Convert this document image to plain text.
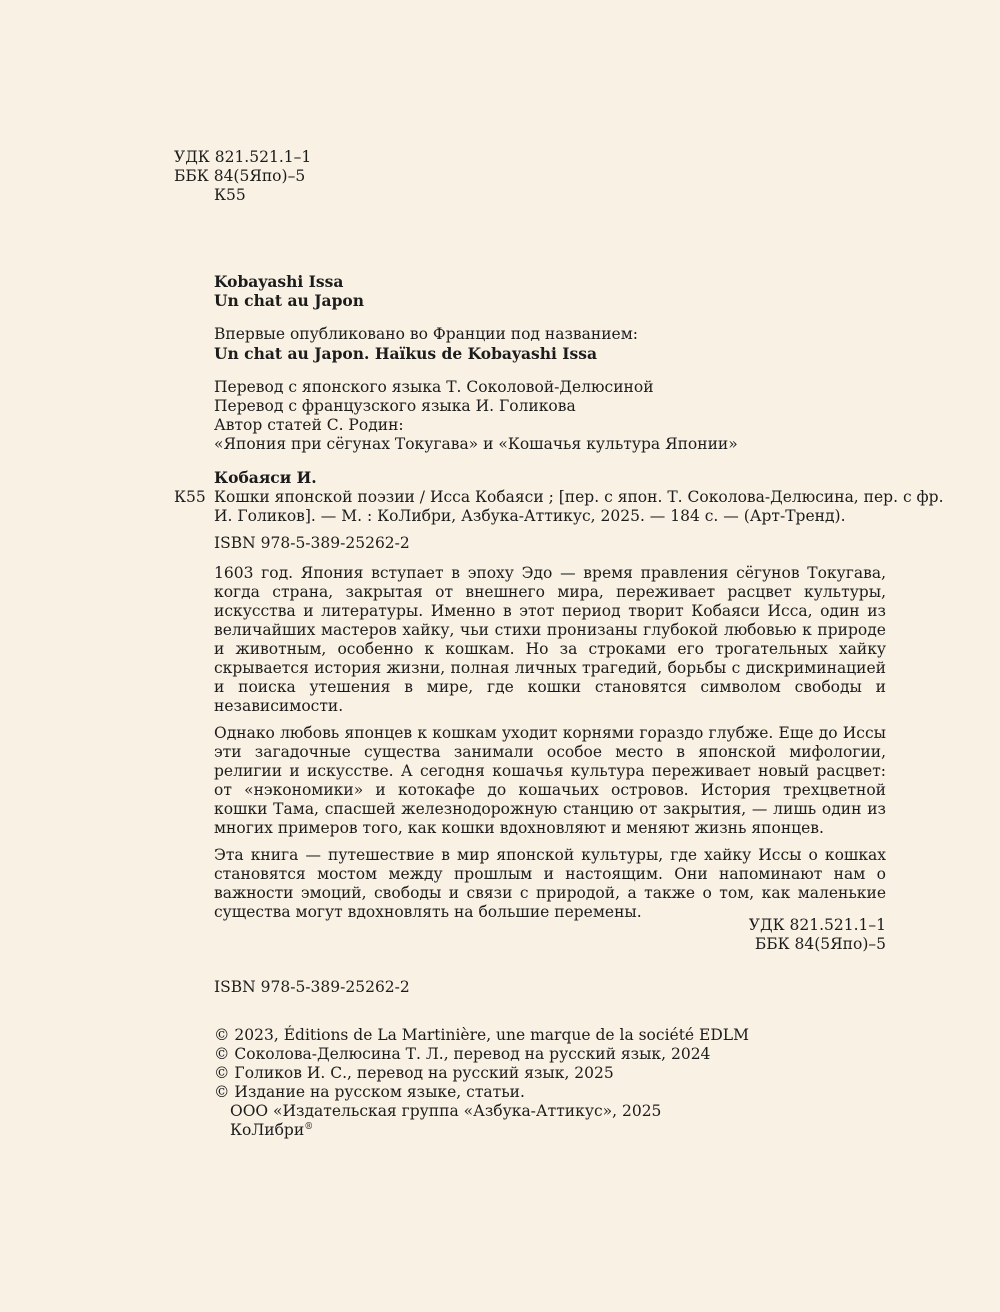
УДК 821.521.1–1
ББК 84(5Япо)–5
К55
Kobayashi Issa
Un chat au Japon
Впервые опубликовано во Франции под названием:
Un chat au Japon. Haïkus de Kobayashi Issa
Перевод с японского языка Т. Соколовой-Делюсиной
Перевод с французского языка И. Голикова
Автор статей С. Родин:
«Япония при сёгунах Токугава» и «Кошачья культура Японии»
Кобаяси И.
К55 Кошки японской поэзии / Исса Кобаяси ; [пер. с япон. Т. Соколова-Делюсина, пер. с фр.
И. Голиков]. — М. : КоЛибри, Азбука-Аттикус, 2025. — 184 с. — (Арт-Тренд).
ISBN 978-5-389-25262-2

1603 год. Япония вступает в эпоху Эдо — время правления сёгунов Токугава, когда страна, закрытая от внешнего мира, переживает расцвет культуры, искусства и литературы. Именно в этот период творит Кобаяси Исса, один из величайших мастеров хайку, чьи стихи пронизаны глубокой любовью к природе и животным, особенно к кошкам. Но за строками его трогательных хайку скрывается история жизни, полная личных трагедий, борьбы с дискриминацией и поиска утешения в мире, где кошки становятся символом свободы и независимости.

Однако любовь японцев к кошкам уходит корнями гораздо глубже. Еще до Иссы эти загадочные существа занимали особое место в японской мифологии, религии и искусстве. А сегодня кошачья культура переживает новый расцвет: от «нэкономики» и котокафе до кошачьих островов. История трехцветной кошки Тама, спасшей железнодорожную станцию от закрытия, — лишь один из многих примеров того, как кошки вдохновляют и меняют жизнь японцев.

Эта книга — путешествие в мир японской культуры, где хайку Иссы о кошках становятся мостом между прошлым и настоящим. Они напоминают нам о важности эмоций, свободы и связи с природой, а также о том, как маленькие существа могут вдохновлять на большие перемены.

УДК 821.521.1–1
ББК 84(5Япо)–5
ISBN 978-5-389-25262-2
© 2023, Éditions de La Martinière, une marque de la société EDLM
© Соколова-Делюсина Т. Л., перевод на русский язык, 2024
© Голиков И. С., перевод на русский язык, 2025
© Издание на русском языке, статьи.
ООО «Издательская группа «Азбука-Аттикус», 2025
КоЛибри®
